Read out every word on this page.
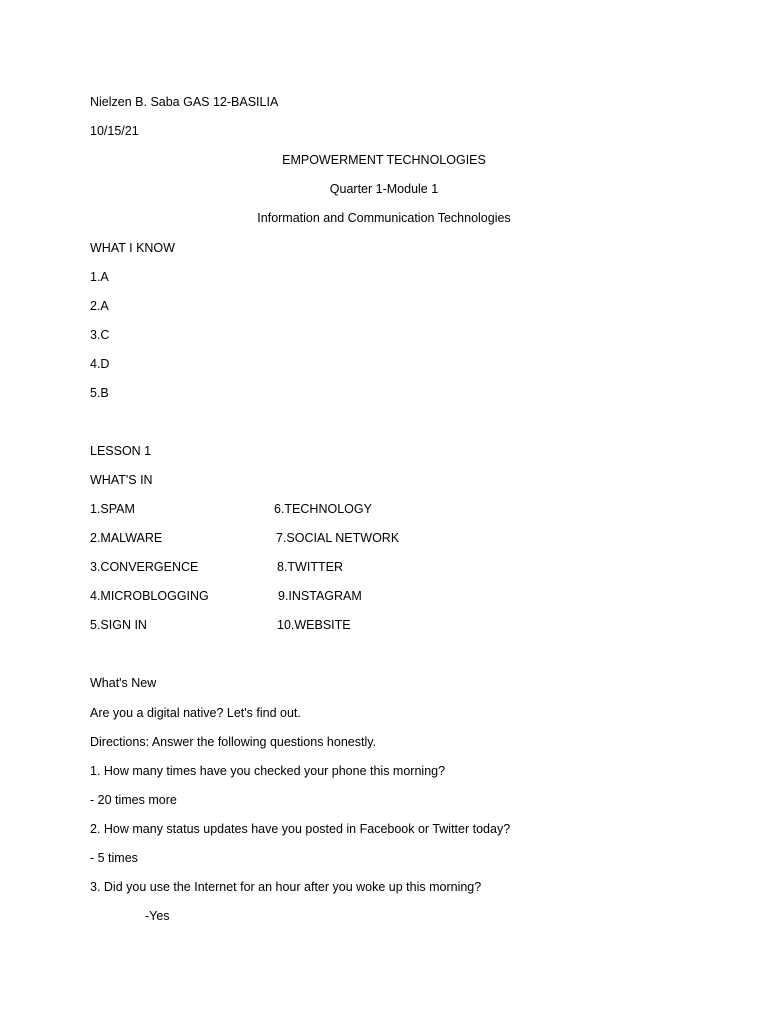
Nielzen B. Saba GAS 12-BASILIA
10/15/21
EMPOWERMENT TECHNOLOGIES
Quarter 1-Module 1
Information and Communication Technologies
WHAT I KNOW
1.A
2.A
3.C
4.D
5.B
LESSON 1
WHAT'S IN
1.SPAM	6.TECHNOLOGY
2.MALWARE	7.SOCIAL NETWORK
3.CONVERGENCE	8.TWITTER
4.MICROBLOGGING	9.INSTAGRAM
5.SIGN IN	10.WEBSITE
What's New
Are you a digital native? Let's find out.
Directions: Answer the following questions honestly.
1. How many times have you checked your phone this morning?
- 20 times more
2. How many status updates have you posted in Facebook or Twitter today?
- 5 times
3. Did you use the Internet for an hour after you woke up this morning?
-Yes
